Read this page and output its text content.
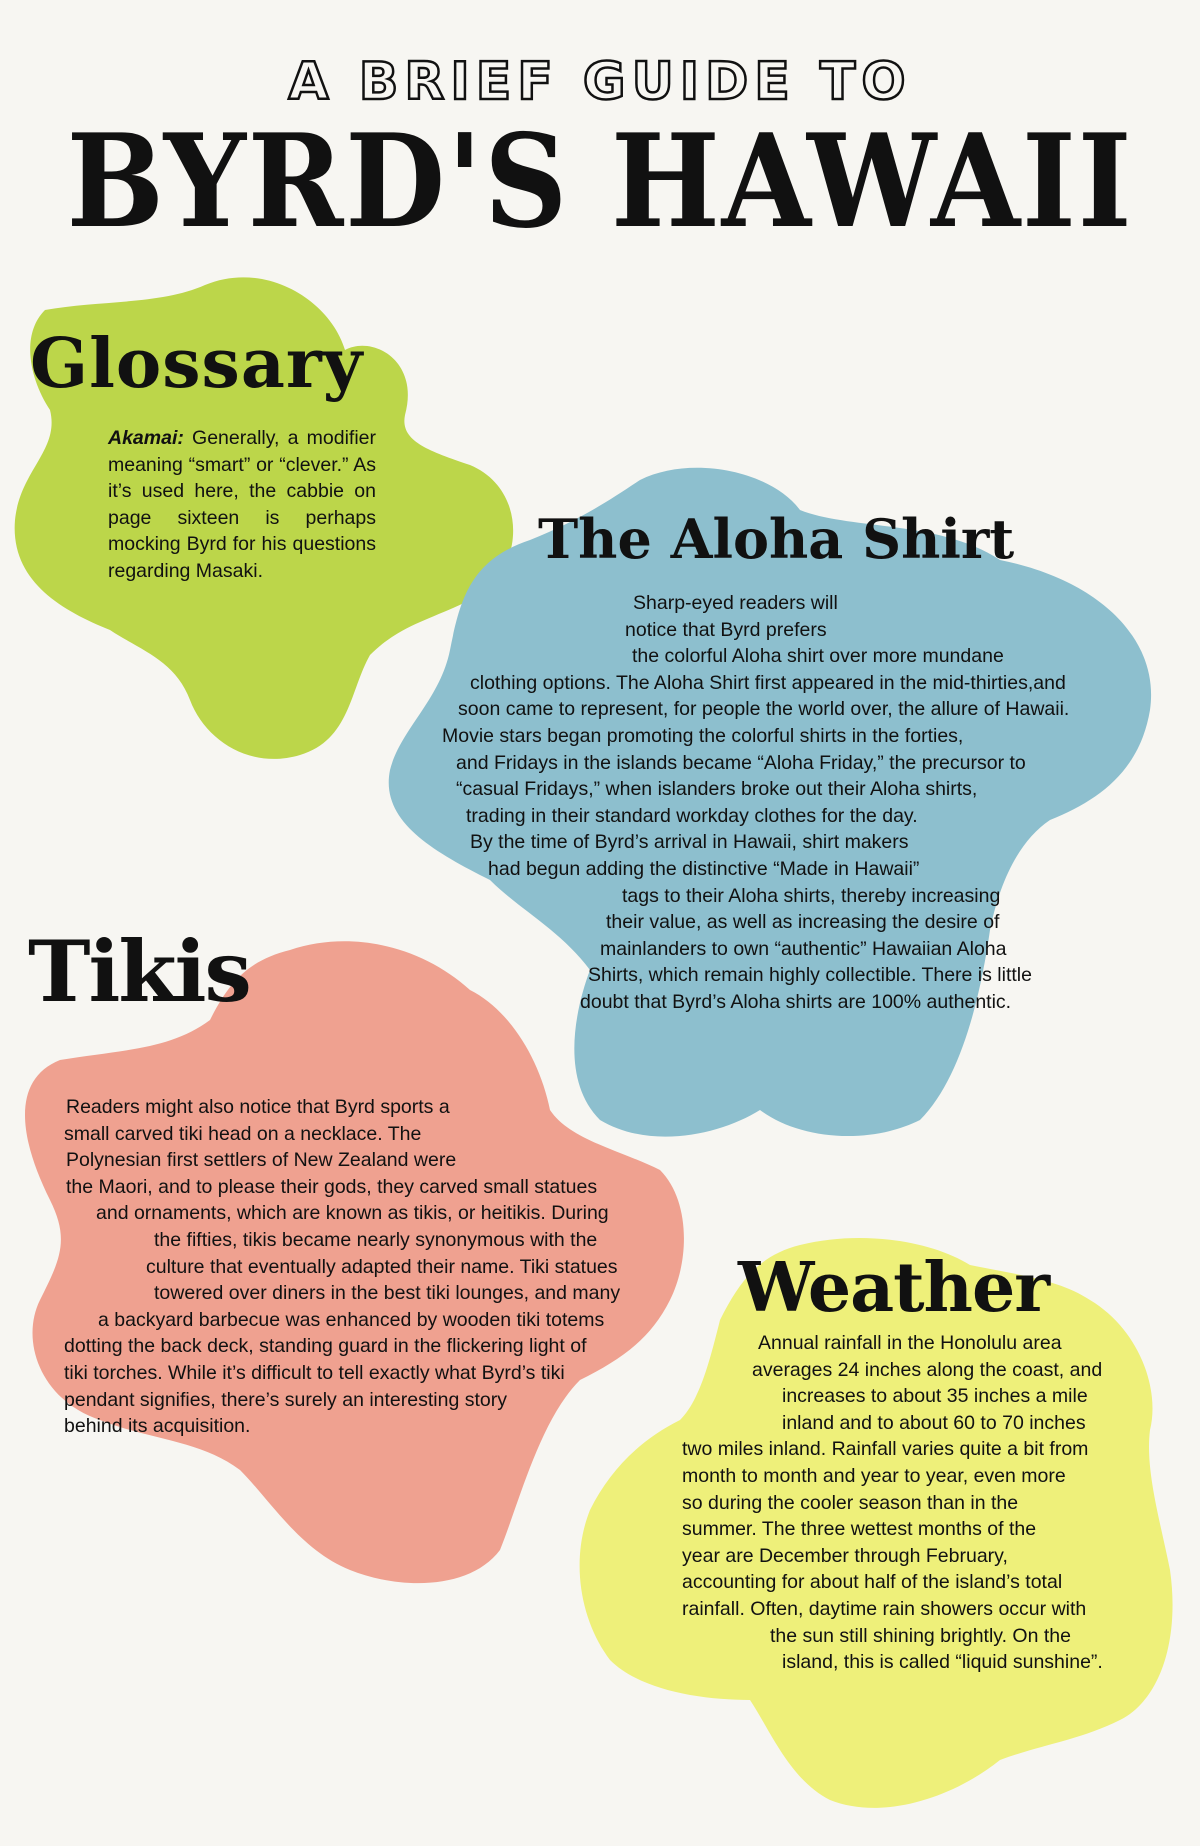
A BRIEF GUIDE TO
BYRD'S HAWAII
Glossary

Akamai: Generally, a modifier meaning “smart” or “clever.” As it’s used here, the cabbie on page sixteen is perhaps mocking Byrd for his questions regarding Masaki.	The Aloha Shirt

Sharp-eyed readers will
notice that Byrd prefers
the colorful Aloha shirt over more mundane
clothing options. The Aloha Shirt first appeared in the mid-thirties,and
soon came to represent, for people the world over, the allure of Hawaii.
Movie stars began promoting the colorful shirts in the forties,
and Fridays in the islands became “Aloha Friday,” the precursor to
“casual Fridays,” when islanders broke out their Aloha shirts,
trading in their standard workday clothes for the day.
By the time of Byrd’s arrival in Hawaii, shirt makers
had begun adding the distinctive “Made in Hawaii”
tags to their Aloha shirts, thereby increasing
their value, as well as increasing the desire of
mainlanders to own “authentic” Hawaiian Aloha
Shirts, which remain highly collectible. There is little
doubt that Byrd’s Aloha shirts are 100% authentic.

Tikis

Readers might also notice that Byrd sports a
small carved tiki head on a necklace. The
Polynesian first settlers of New Zealand were
the Maori, and to please their gods, they carved small statues
and ornaments, which are known as tikis, or heitikis. During
the fifties, tikis became nearly synonymous with the
culture that eventually adapted their name. Tiki statues
towered over diners in the best tiki lounges, and many
a backyard barbecue was enhanced by wooden tiki totems
dotting the back deck, standing guard in the flickering light of
tiki torches. While it’s difficult to tell exactly what Byrd’s tiki
pendant signifies, there’s surely an interesting story
behind its acquisition.

Weather

Annual rainfall in the Honolulu area
averages 24 inches along the coast, and
increases to about 35 inches a mile
inland and to about 60 to 70 inches
two miles inland. Rainfall varies quite a bit from
month to month and year to year, even more
so during the cooler season than in the
summer. The three wettest months of the
year are December through February,
accounting for about half of the island’s total
rainfall. Often, daytime rain showers occur with
the sun still shining brightly. On the
island, this is called “liquid sunshine”.
